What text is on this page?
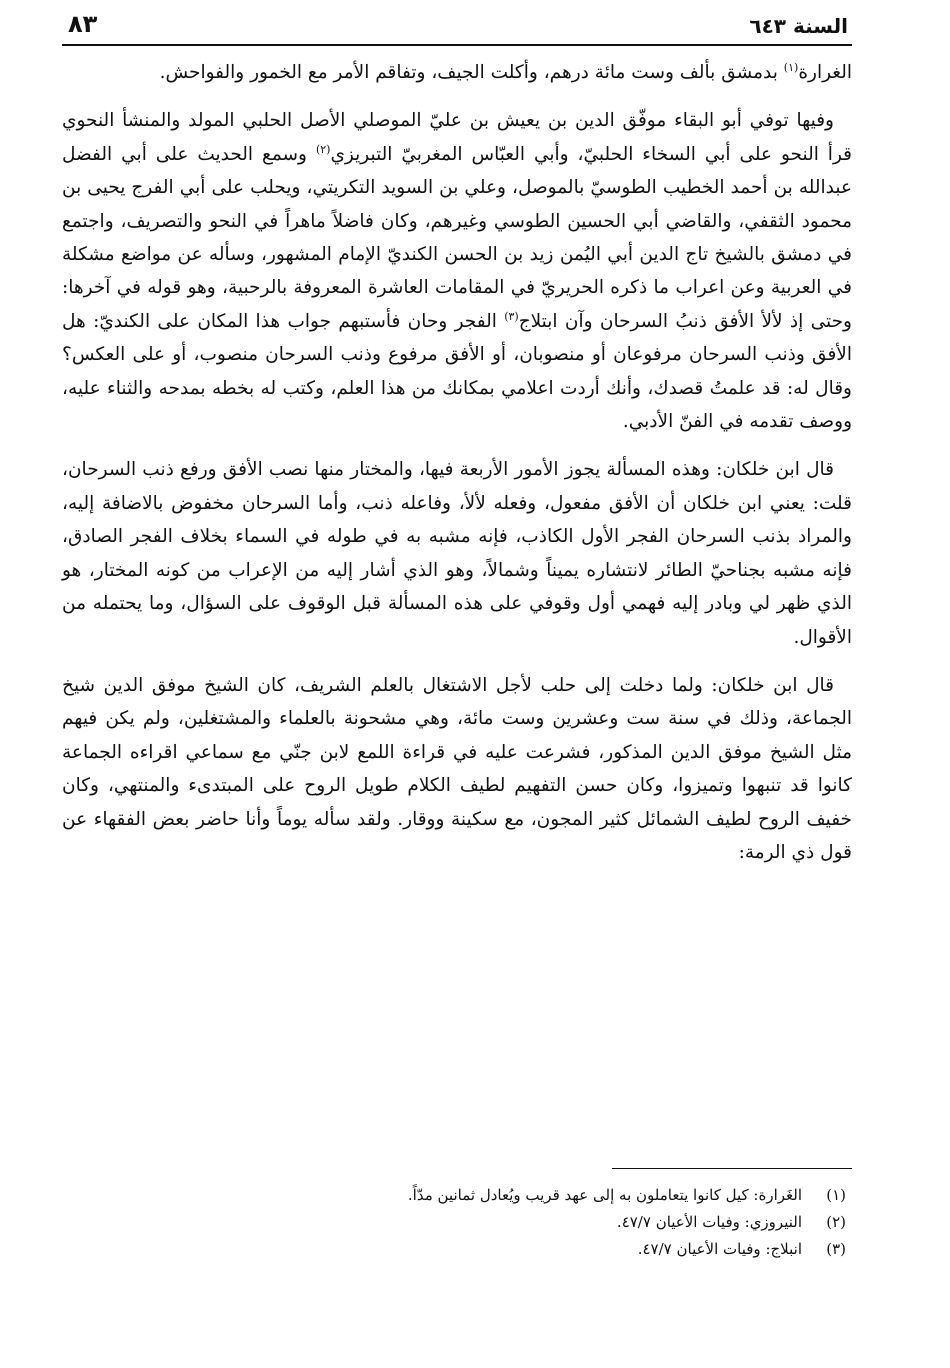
السنة ٦٤٣
٨٣

الغرارة$^{(١)}$ بدمشق بألف وست مائة درهم، وأكلت الجيف، وتفاقم الأمر مع الخمور والفواحش.

وفيها توفي أبو البقاء موفّق الدين بن يعيش بن عليّ الموصلي الأصل الحلبي المولد والمنشأ النحوي قرأ النحو على أبي السخاء الحلبيّ، وأبي العبّاس المغربيّ التبريزي$^{(٢)}$ وسمع الحديث على أبي الفضل عبدالله بن أحمد الخطيب الطوسيّ بالموصل، وعلي بن السويد التكريتي، ويحلب على أبي الفرج يحيى بن محمود الثقفي، والقاضي أبي الحسين الطوسي وغيرهم، وكان فاضلاً ماهراً في النحو والتصريف، واجتمع في دمشق بالشيخ تاج الدين أبي اليُمن زيد بن الحسن الكنديّ الإمام المشهور، وسأله عن مواضع مشكلة في العربية وعن اعراب ما ذكره الحريريّ في المقامات العاشرة المعروفة بالرحبية، وهو قوله في آخرها: وحتى إذ لألأ الأفق ذنبُ السرحان وآن ابتلاج$^{(٣)}$ الفجر وحان فأستبهم جواب هذا المكان على الكنديّ: هل الأفق وذنب السرحان مرفوعان أو منصوبان، أو الأفق مرفوع وذنب السرحان منصوب، أو على العكس؟ وقال له: قد علمتُ قصدك، وأنك أردت اعلامي بمكانك من هذا العلم، وكتب له بخطه بمدحه والثناء عليه، ووصف تقدمه في الفنّ الأدبي.

قال ابن خلكان: وهذه المسألة يجوز الأمور الأربعة فيها، والمختار منها نصب الأفق ورفع ذنب السرحان، قلت: يعني ابن خلكان أن الأفق مفعول، وفعله لألأ، وفاعله ذنب، وأما السرحان مخفوض بالاضافة إليه، والمراد بذنب السرحان الفجر الأول الكاذب، فإنه مشبه به في طوله في السماء بخلاف الفجر الصادق، فإنه مشبه بجناحيّ الطائر لانتشاره يميناً وشمالاً، وهو الذي أشار إليه من الإعراب من كونه المختار، هو الذي ظهر لي وبادر إليه فهمي أول وقوفي على هذه المسألة قبل الوقوف على السؤال، وما يحتمله من الأقوال.

قال ابن خلكان: ولما دخلت إلى حلب لأجل الاشتغال بالعلم الشريف، كان الشيخ موفق الدين شيخ الجماعة، وذلك في سنة ست وعشرين وست مائة، وهي مشحونة بالعلماء والمشتغلين، ولم يكن فيهم مثل الشيخ موفق الدين المذكور، فشرعت عليه في قراءة اللمع لابن جنّي مع سماعي اقراءه الجماعة كانوا قد تنبهوا وتميزوا، وكان حسن التفهيم لطيف الكلام طويل الروح على المبتدىء والمنتهي، وكان خفيف الروح لطيف الشمائل كثير المجون، مع سكينة ووقار. ولقد سأله يوماً وأنا حاضر بعض الفقهاء عن قول ذي الرمة:

(١)
الغَرارة: كيل كانوا يتعاملون به إلى عهد قريب ويُعادل ثمانين مدّاً.
(٢)
النيروزي: وفيات الأعيان ٤٧/٧.
(٣)
انبلاج: وفيات الأعيان ٤٧/٧.
